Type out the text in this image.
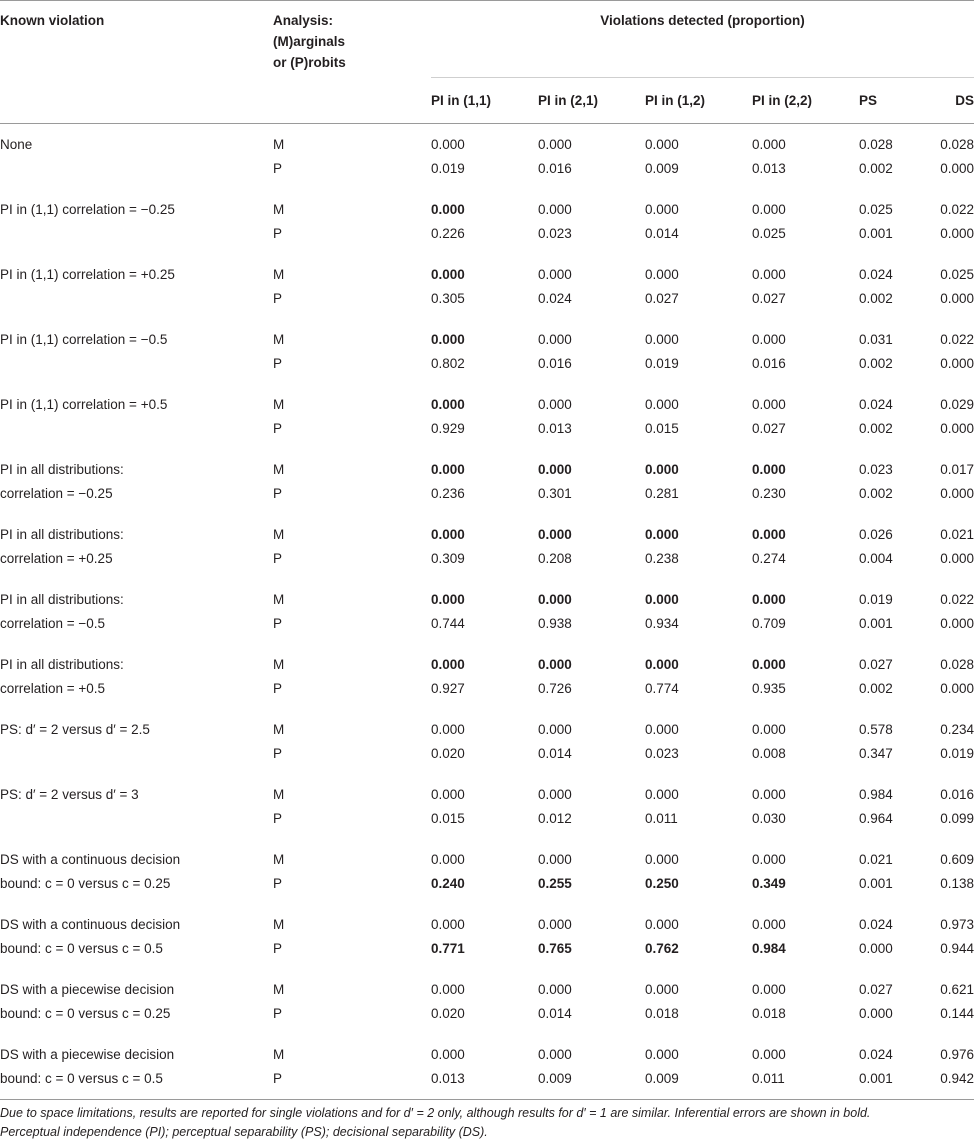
Known violation	Analysis:
(M)arginals
or (P)robits	Violations detected (proportion)					
		PI in (1,1)	PI in (2,1)	PI in (1,2)	PI in (2,2)	PS	DS

None	M	0.000	0.000	0.000	0.000	0.028	0.028
	P	0.019	0.016	0.009	0.013	0.002	0.000

PI in (1,1) correlation = −0.25	M	0.000	0.000	0.000	0.000	0.025	0.022
	P	0.226	0.023	0.014	0.025	0.001	0.000

PI in (1,1) correlation = +0.25	M	0.000	0.000	0.000	0.000	0.024	0.025
	P	0.305	0.024	0.027	0.027	0.002	0.000

PI in (1,1) correlation = −0.5	M	0.000	0.000	0.000	0.000	0.031	0.022
	P	0.802	0.016	0.019	0.016	0.002	0.000

PI in (1,1) correlation = +0.5	M	0.000	0.000	0.000	0.000	0.024	0.029
	P	0.929	0.013	0.015	0.027	0.002	0.000

PI in all distributions:
correlation = −0.25	M	0.000	0.000	0.000	0.000	0.023	0.017
	P	0.236	0.301	0.281	0.230	0.002	0.000

PI in all distributions:
correlation = +0.25	M	0.000	0.000	0.000	0.000	0.026	0.021
	P	0.309	0.208	0.238	0.274	0.004	0.000

PI in all distributions:
correlation = −0.5	M	0.000	0.000	0.000	0.000	0.019	0.022
	P	0.744	0.938	0.934	0.709	0.001	0.000

PI in all distributions:
correlation = +0.5	M	0.000	0.000	0.000	0.000	0.027	0.028
	P	0.927	0.726	0.774	0.935	0.002	0.000

PS: d′ = 2 versus d′ = 2.5	M	0.000	0.000	0.000	0.000	0.578	0.234
	P	0.020	0.014	0.023	0.008	0.347	0.019

PS: d′ = 2 versus d′ = 3	M	0.000	0.000	0.000	0.000	0.984	0.016
	P	0.015	0.012	0.011	0.030	0.964	0.099

DS with a continuous decision
bound: c = 0 versus c = 0.25	M	0.000	0.000	0.000	0.000	0.021	0.609
	P	0.240	0.255	0.250	0.349	0.001	0.138

DS with a continuous decision
bound: c = 0 versus c = 0.5	M	0.000	0.000	0.000	0.000	0.024	0.973
	P	0.771	0.765	0.762	0.984	0.000	0.944

DS with a piecewise decision
bound: c = 0 versus c = 0.25	M	0.000	0.000	0.000	0.000	0.027	0.621
	P	0.020	0.014	0.018	0.018	0.000	0.144

DS with a piecewise decision
bound: c = 0 versus c = 0.5	M	0.000	0.000	0.000	0.000	0.024	0.976
	P	0.013	0.009	0.009	0.011	0.001	0.942
Due to space limitations, results are reported for single violations and for d′ = 2 only, although results for d′ = 1 are similar. Inferential errors are shown in bold.
Perceptual independence (PI); perceptual separability (PS); decisional separability (DS).
